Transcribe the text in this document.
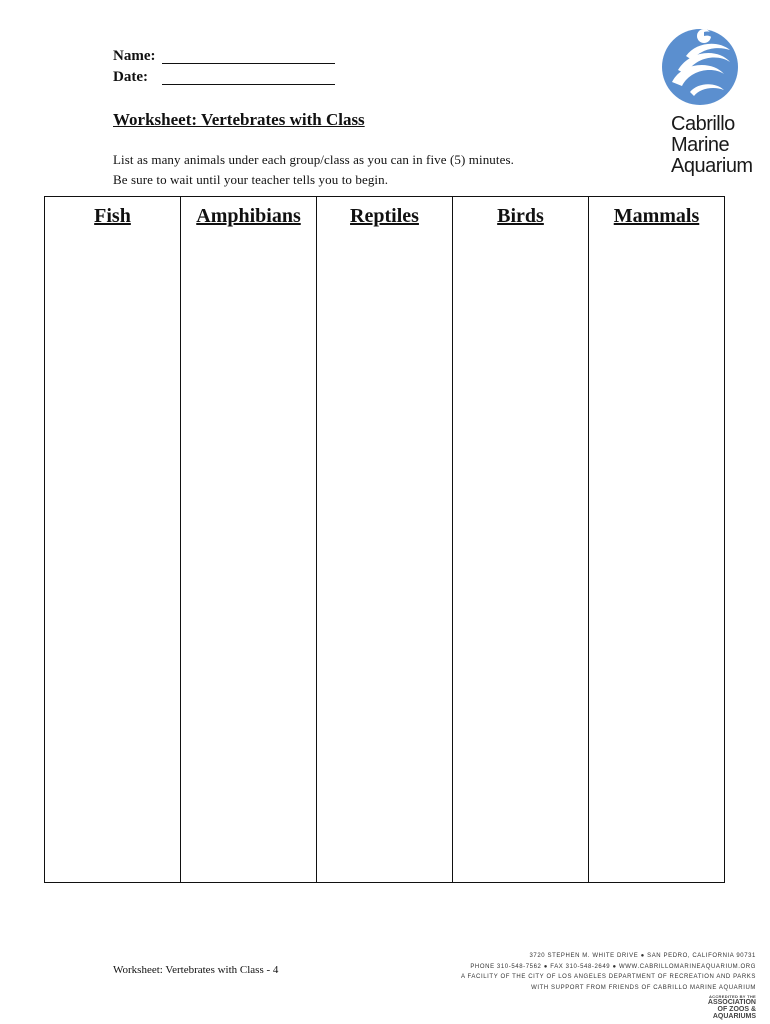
Name:
Date:
Worksheet: Vertebrates with Class
List as many animals under each group/class as you can in five (5) minutes.
Be sure to wait until your teacher tells you to begin.
Cabrillo
Marine
Aquarium
Fish	Amphibians	Reptiles	Birds	Mammals
Worksheet: Vertebrates with Class - 4
3720 STEPHEN M. WHITE DRIVE ● SAN PEDRO, CALIFORNIA 90731
PHONE 310-548-7562 ● FAX 310-548-2649 ● WWW.CABRILLOMARINEAQUARIUM.ORG
A FACILITY OF THE CITY OF LOS ANGELES DEPARTMENT OF RECREATION AND PARKS
WITH SUPPORT FROM FRIENDS OF CABRILLO MARINE AQUARIUM
ACCREDITED BY THE
ASSOCIATION
OF ZOOS &
AQUARIUMS
